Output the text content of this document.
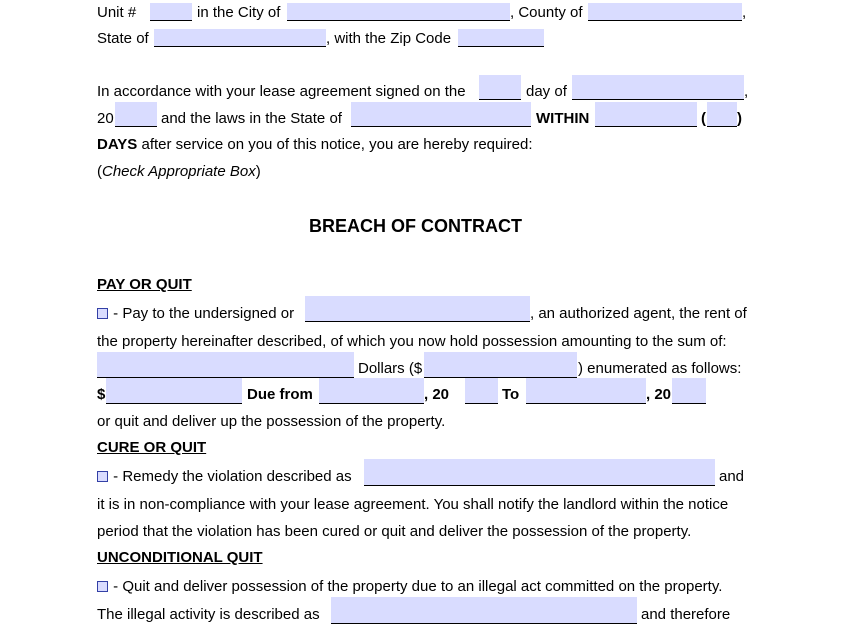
Unit #	in the City of	, County of	,
State of	, with the Zip Code
In accordance with your lease agreement signed on the	day of	,
20	and the laws in the State of	WITHIN	( )
DAYS after service on you of this notice, you are hereby required:
(Check Appropriate Box)
BREACH OF CONTRACT
PAY OR QUIT
- Pay to the undersigned or	, an authorized agent, the rent of
the property hereinafter described, of which you now hold possession amounting to the sum of:
Dollars ($	) enumerated as follows:
$	Due from	, 20	To	, 20
or quit and deliver up the possession of the property.
CURE OR QUIT
- Remedy the violation described as	and
it is in non-compliance with your lease agreement. You shall notify the landlord within the notice
period that the violation has been cured or quit and deliver the possession of the property.
UNCONDITIONAL QUIT
- Quit and deliver possession of the property due to an illegal act committed on the property.
The illegal activity is described as	and therefore
